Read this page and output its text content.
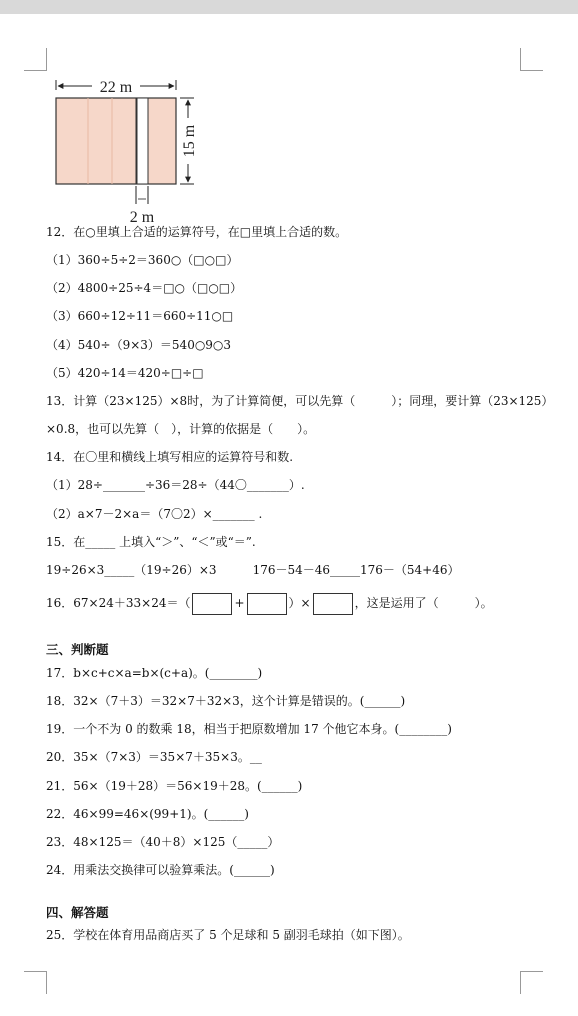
22 m
15 m
2 m
12．在○里填上合适的运算符号，在□里填上合适的数。
（1）360÷5÷2＝360○（□○□）
（2）4800÷25÷4＝□○（□○□）
（3）660÷12÷11＝660÷11○□
（4）540÷（9×3）＝540○9○3
（5）420÷14＝420÷□÷□
13．计算（23×125）×8时，为了计算简便，可以先算（　　　）；同理，要计算（23×125）
×0.8，也可以先算（　），计算的依据是（　　）。
14．在〇里和横线上填写相应的运算符号和数.
（1）28÷_______÷36＝28÷（44〇_______）.
（2）a×7－2×a＝（7〇2）×_______ .
15．在_____ 上填入“＞”、“＜”或“＝”.
19÷26×3_____（19÷26）×3　　　176－54－46_____176－（54+46）
16．67×24＋33×24＝（	+	）×	，这是运用了（　　　）。
三、判断题
17．b×c+c×a=b×(c+a)。(________)
18．32×（7＋3）＝32×7＋32×3，这个计算是错误的。(______)
19．一个不为 0 的数乘 18，相当于把原数增加 17 个他它本身。(________)
20．35×（7×3）＝35×7＋35×3。__
21．56×（19＋28）＝56×19＋28。(______)
22．46×99=46×(99+1)。(______)
23．48×125＝（40＋8）×125（_____）
24．用乘法交换律可以验算乘法。(______)
四、解答题
25．学校在体育用品商店买了 5 个足球和 5 副羽毛球拍（如下图）。
